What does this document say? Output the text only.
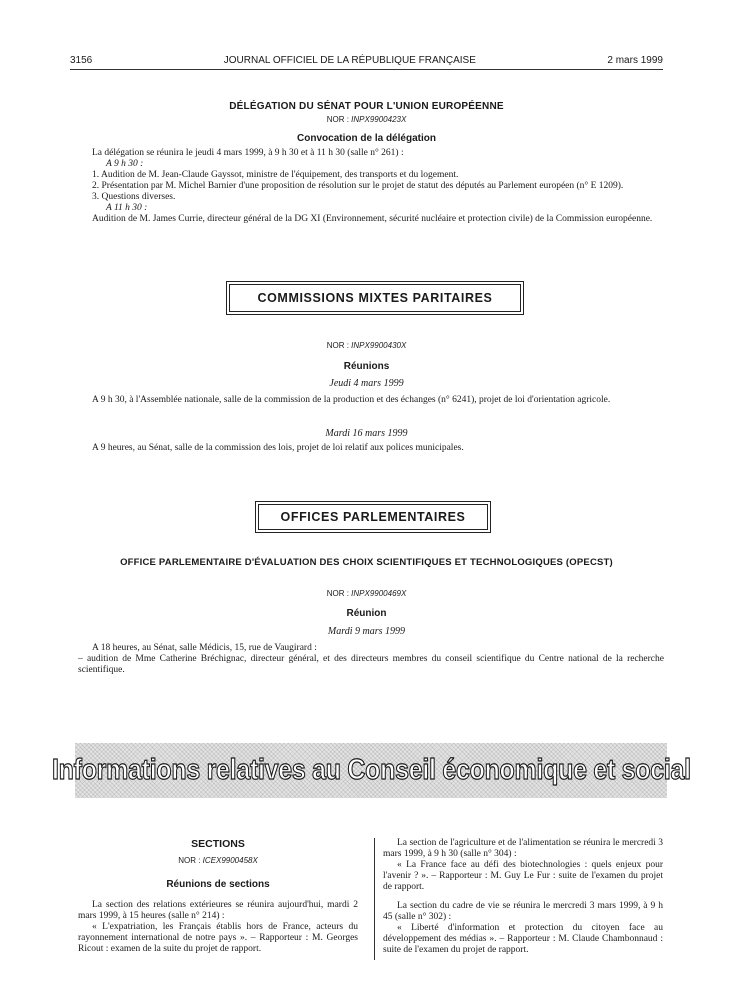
3156	JOURNAL OFFICIEL DE LA RÉPUBLIQUE FRANÇAISE	2 mars 1999
DÉLÉGATION DU SÉNAT POUR L'UNION EUROPÉENNE
NOR : INPX9900423X
Convocation de la délégation

La délégation se réunira le jeudi 4 mars 1999, à 9 h 30 et à 11 h 30 (salle n° 261) :

A 9 h 30 :

1. Audition de M. Jean-Claude Gayssot, ministre de l'équipement, des transports et du logement.

2. Présentation par M. Michel Barnier d'une proposition de résolution sur le projet de statut des députés au Parlement européen (n° E 1209).

3. Questions diverses.

A 11 h 30 :

Audition de M. James Currie, directeur général de la DG XI (Environnement, sécurité nucléaire et protection civile) de la Commission européenne.

COMMISSIONS MIXTES PARITAIRES
NOR : INPX9900430X
Réunions
Jeudi 4 mars 1999
A 9 h 30, à l'Assemblée nationale, salle de la commission de la production et des échanges (n° 6241), projet de loi d'orientation agricole.
Mardi 16 mars 1999
A 9 heures, au Sénat, salle de la commission des lois, projet de loi relatif aux polices municipales.
OFFICES PARLEMENTAIRES
OFFICE PARLEMENTAIRE D'ÉVALUATION DES CHOIX SCIENTIFIQUES ET TECHNOLOGIQUES (OPECST)
NOR : INPX9900469X
Réunion
Mardi 9 mars 1999

A 18 heures, au Sénat, salle Médicis, 15, rue de Vaugirard :

– audition de Mme Catherine Bréchignac, directeur général, et des directeurs membres du conseil scientifique du Centre national de la recherche scientifique.

Informations relatives au Conseil économique et social
SECTIONS
NOR : ICEX9900458X
Réunions de sections

La section des relations extérieures se réunira aujourd'hui, mardi 2 mars 1999, à 15 heures (salle n° 214) :

« L'expatriation, les Français établis hors de France, acteurs du rayonnement international de notre pays ». – Rapporteur : M. Georges Ricout : examen de la suite du projet de rapport.

La section de l'agriculture et de l'alimentation se réunira le mercredi 3 mars 1999, à 9 h 30 (salle n° 304) :

« La France face au défi des biotechnologies : quels enjeux pour l'avenir ? ». – Rapporteur : M. Guy Le Fur : suite de l'examen du projet de rapport.

La section du cadre de vie se réunira le mercredi 3 mars 1999, à 9 h 45 (salle n° 302) :

« Liberté d'information et protection du citoyen face au développement des médias ». – Rapporteur : M. Claude Chambonnaud : suite de l'examen du projet de rapport.
